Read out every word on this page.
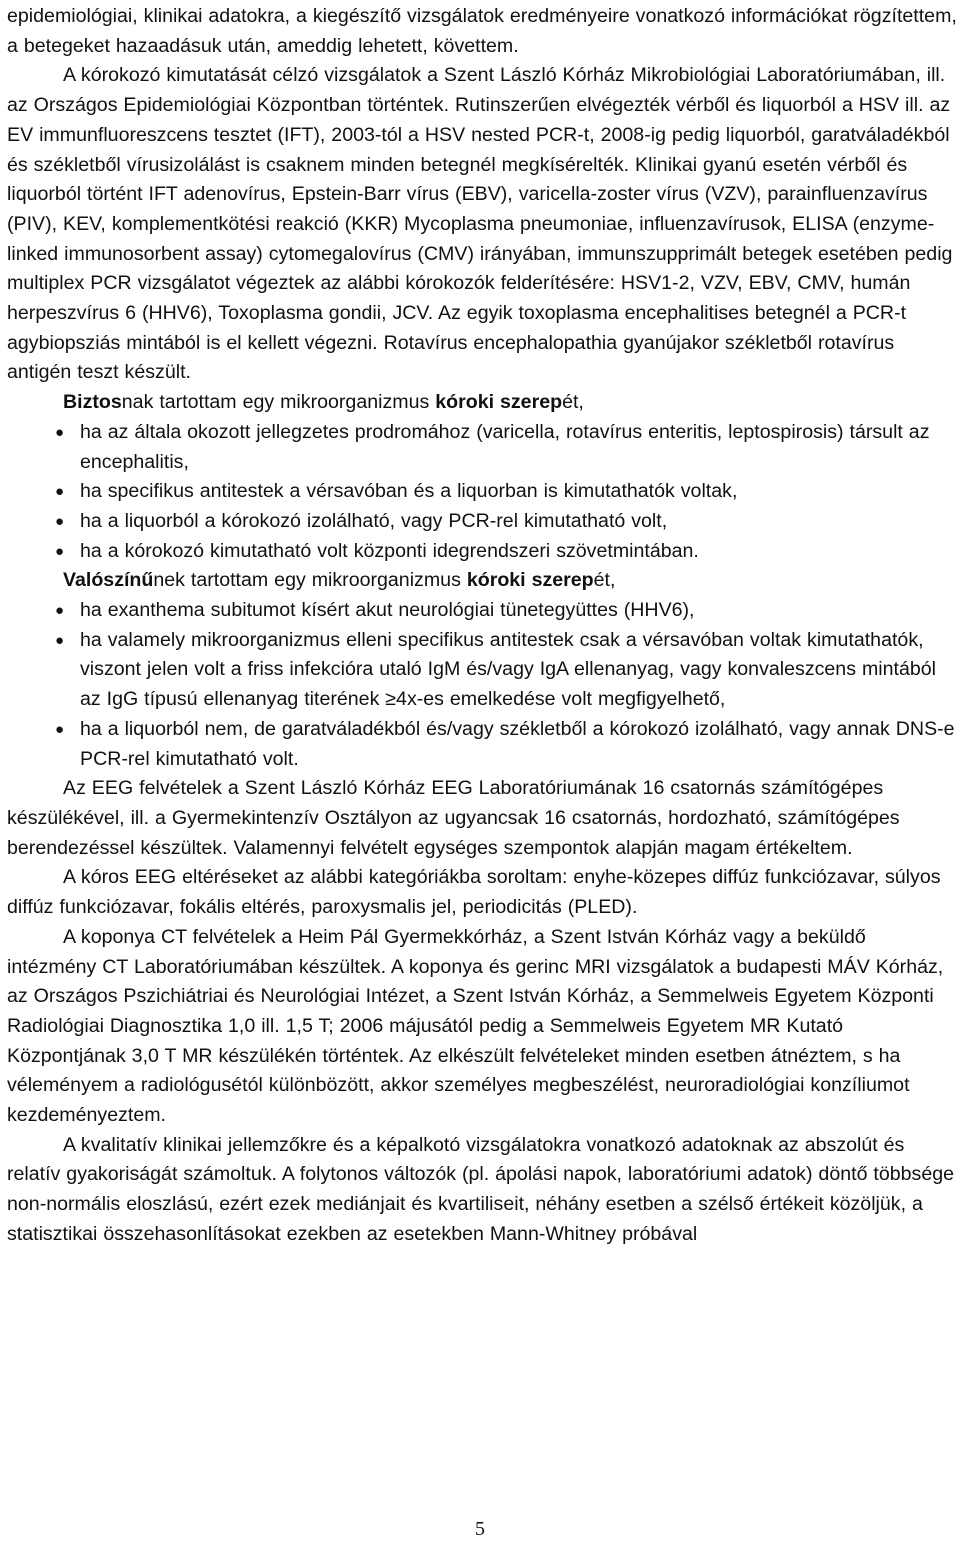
epidemiológiai, klinikai adatokra, a kiegészítő vizsgálatok eredményeire vonatkozó információkat rögzítettem, a betegeket hazaadásuk után, ameddig lehetett, követtem.

A kórokozó kimutatását célzó vizsgálatok a Szent László Kórház Mikrobiológiai Laboratóriumában, ill. az Országos Epidemiológiai Központban történtek. Rutinszerűen elvégezték vérből és liquorból a HSV ill. az EV immunfluoreszcens tesztet (IFT), 2003-tól a HSV nested PCR-t, 2008-ig pedig liquorból, garatváladékból és székletből vírusizolálást is csaknem minden betegnél megkísérelték. Klinikai gyanú esetén vérből és liquorból történt IFT adenovírus, Epstein-Barr vírus (EBV), varicella-zoster vírus (VZV), parainfluenzavírus (PIV), KEV, komplementkötési reakció (KKR) Mycoplasma pneumoniae, influenzavírusok, ELISA (enzyme-linked immunosorbent assay) cytomegalovírus (CMV) irányában, immunszupprimált betegek esetében pedig multiplex PCR vizsgálatot végeztek az alábbi kórokozók felderítésére: HSV1-2, VZV, EBV, CMV, humán herpeszvírus 6 (HHV6), Toxoplasma gondii, JCV. Az egyik toxoplasma encephalitises betegnél a PCR-t agybiopsziás mintából is el kellett végezni. Rotavírus encephalopathia gyanújakor székletből rotavírus antigén teszt készült.

Biztosnak tartottam egy mikroorganizmus kóroki szerepét,

● ha az általa okozott jellegzetes prodromához (varicella, rotavírus enteritis, leptospirosis) társult az encephalitis,
● ha specifikus antitestek a vérsavóban és a liquorban is kimutathatók voltak,
● ha a liquorból a kórokozó izolálható, vagy PCR-rel kimutatható volt,
● ha a kórokozó kimutatható volt központi idegrendszeri szövetmintában.

Valószínűnek tartottam egy mikroorganizmus kóroki szerepét,

● ha exanthema subitumot kísért akut neurológiai tünetegyüttes (HHV6),
● ha valamely mikroorganizmus elleni specifikus antitestek csak a vérsavóban voltak kimutathatók, viszont jelen volt a friss infekcióra utaló IgM és/vagy IgA ellenanyag, vagy konvaleszcens mintából az IgG típusú ellenanyag titerének ≥4x-es emelkedése volt megfigyelhető,
● ha a liquorból nem, de garatváladékból és/vagy székletből a kórokozó izolálható, vagy annak DNS-e PCR-rel kimutatható volt.

Az EEG felvételek a Szent László Kórház EEG Laboratóriumának 16 csatornás számítógépes készülékével, ill. a Gyermekintenzív Osztályon az ugyancsak 16 csatornás, hordozható, számítógépes berendezéssel készültek. Valamennyi felvételt egységes szempontok alapján magam értékeltem.

A kóros EEG eltéréseket az alábbi kategóriákba soroltam: enyhe-közepes diffúz funkciózavar, súlyos diffúz funkciózavar, fokális eltérés, paroxysmalis jel, periodicitás (PLED).

A koponya CT felvételek a Heim Pál Gyermekkórház, a Szent István Kórház vagy a beküldő intézmény CT Laboratóriumában készültek. A koponya és gerinc MRI vizsgálatok a budapesti MÁV Kórház, az Országos Pszichiátriai és Neurológiai Intézet, a Szent István Kórház, a Semmelweis Egyetem Központi Radiológiai Diagnosztika 1,0 ill. 1,5 T; 2006 májusától pedig a Semmelweis Egyetem MR Kutató Központjának 3,0 T MR készülékén történtek. Az elkészült felvételeket minden esetben átnéztem, s ha véleményem a radiológusétól különbözött, akkor személyes megbeszélést, neuroradiológiai konzíliumot kezdeményeztem.

A kvalitatív klinikai jellemzőkre és a képalkotó vizsgálatokra vonatkozó adatoknak az abszolút és relatív gyakoriságát számoltuk. A folytonos változók (pl. ápolási napok, laboratóriumi adatok) döntő többsége non-normális eloszlású, ezért ezek mediánjait és kvartiliseit, néhány esetben a szélső értékeit közöljük, a statisztikai összehasonlításokat ezekben az esetekben Mann-Whitney próbával

5
